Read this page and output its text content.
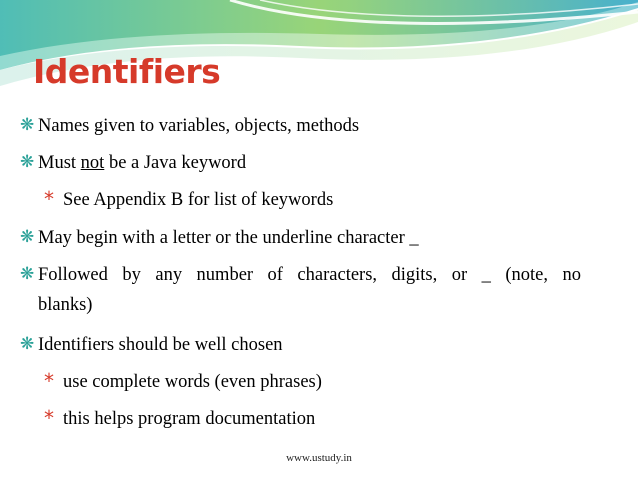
Identifiers
❋ Names given to variables, objects, methods
❋ Must not be a Java keyword
* See Appendix B for list of keywords
❋ May begin with a letter or the underline character _
❋ Followed by any number of characters, digits, or _ (note, no
blanks)
❋ Identifiers should be well chosen
* use complete words (even phrases)
* this helps program documentation
www.ustudy.in
